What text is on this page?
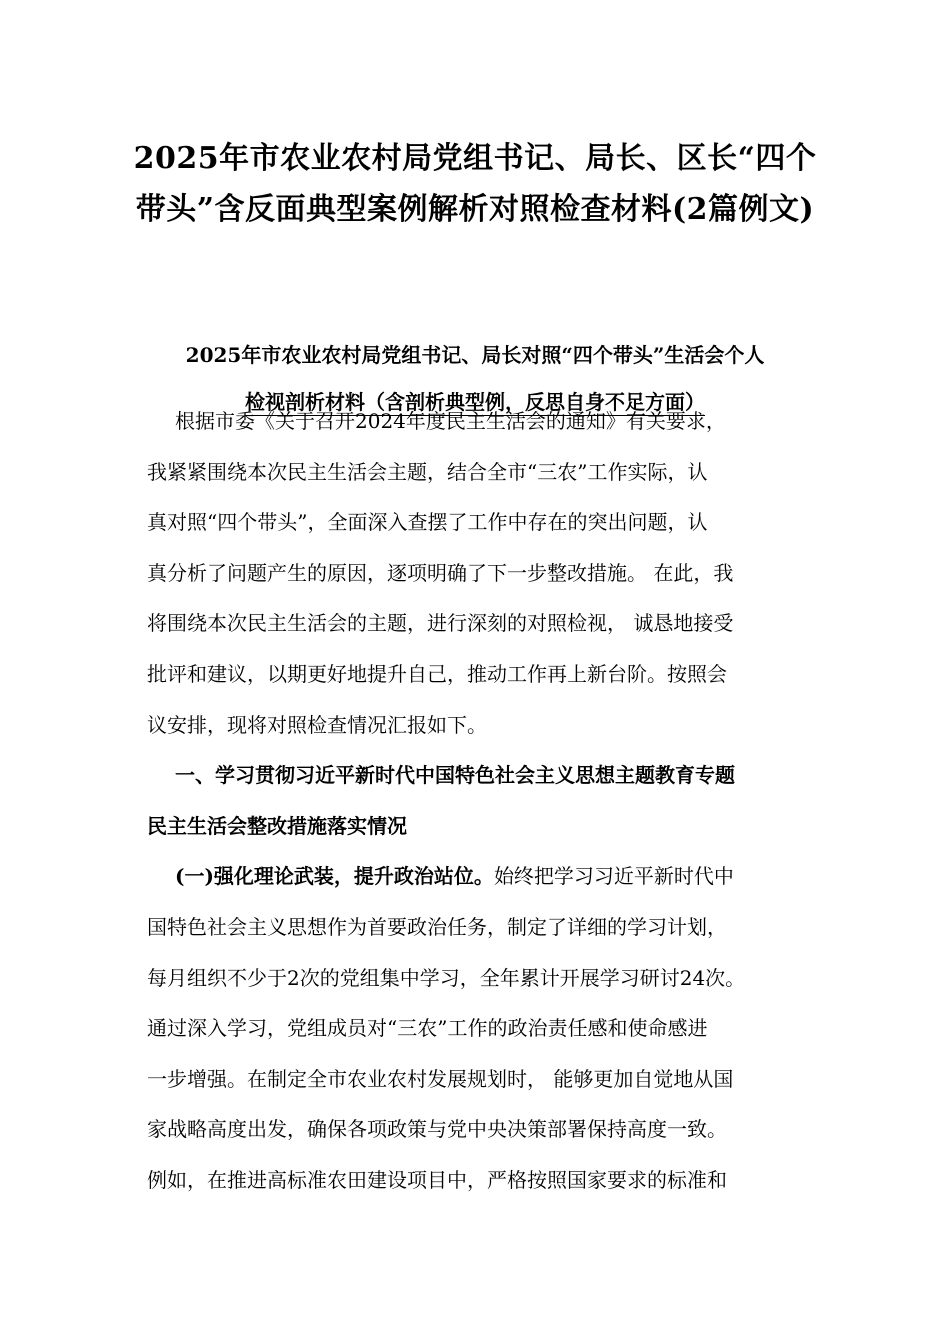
2025年市农业农村局党组书记、局长、区长“四个
带头”含反面典型案例解析对照检查材料(2篇例文)
2025年市农业农村局党组书记、局长对照“四个带头”生活会个人
检视剖析材料（含剖析典型例，反思自身不足方面）

根据市委《关于召开2024年度民主生活会的通知》有关要求，
我紧紧围绕本次民主生活会主题，结合全市“三农”工作实际，认
真对照“四个带头”，全面深入查摆了工作中存在的突出问题，认
真分析了问题产生的原因，逐项明确了下一步整改措施。 在此，我
将围绕本次民主生活会的主题，进行深刻的对照检视， 诚恳地接受
批评和建议，以期更好地提升自己，推动工作再上新台阶。按照会
议安排，现将对照检查情况汇报如下。

一、学习贯彻习近平新时代中国特色社会主义思想主题教育专题
民主生活会整改措施落实情况

(一)强化理论武装，提升政治站位。始终把学习习近平新时代中
国特色社会主义思想作为首要政治任务，制定了详细的学习计划，
每月组织不少于2次的党组集中学习，全年累计开展学习研讨24次。
通过深入学习，党组成员对“三农”工作的政治责任感和使命感进
一步增强。在制定全市农业农村发展规划时， 能够更加自觉地从国
家战略高度出发，确保各项政策与党中央决策部署保持高度一致。
例如，在推进高标准农田建设项目中，严格按照国家要求的标准和
